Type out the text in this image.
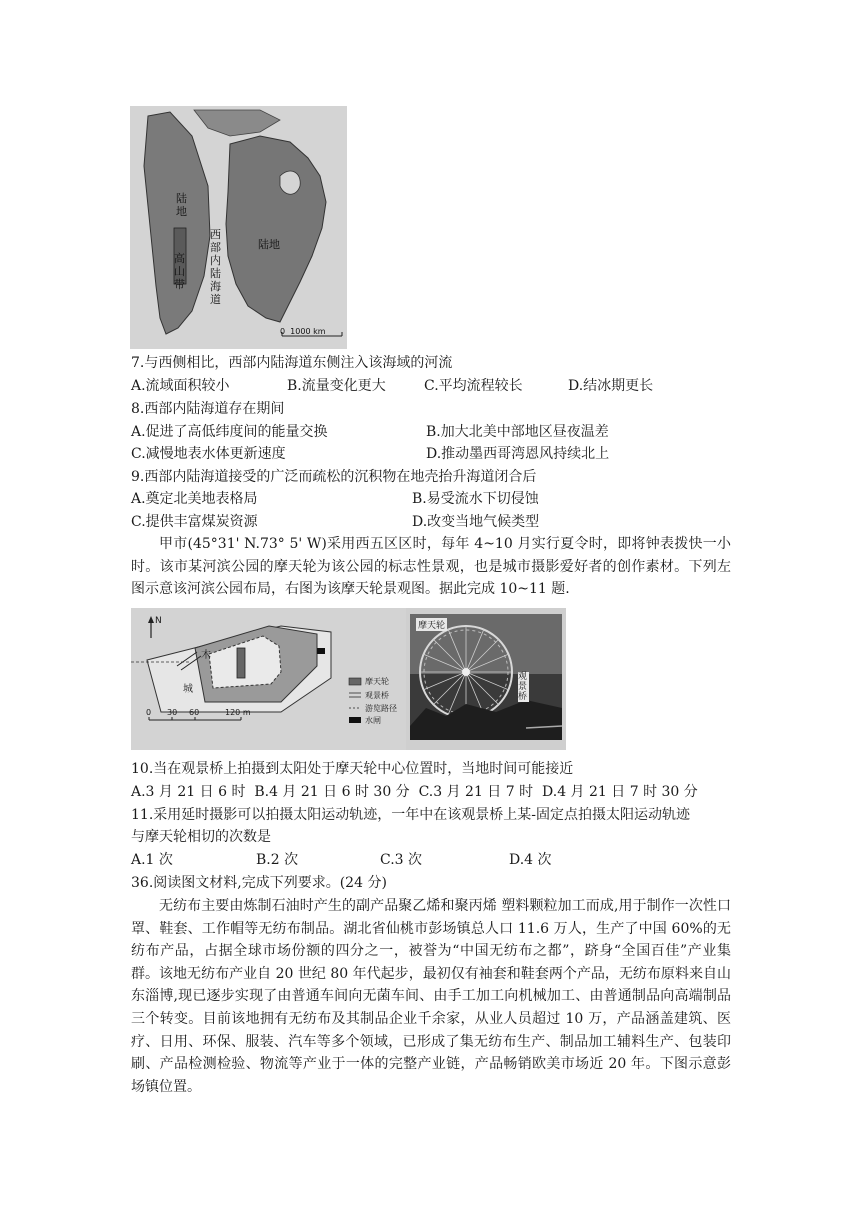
陆地
高山带
西部内陆海道
陆地
0  1000 km
7.与西侧相比，西部内陆海道东侧注入该海域的河流
A.流域面积较小	B.流量变化更大	C.平均流程较长	D.结冰期更长
8.西部内陆海道存在期间
A.促进了高低纬度间的能量交换	B.加大北美中部地区昼夜温差
C.减慢地表水体更新速度	D.推动墨西哥湾恩风持续北上
9.西部内陆海道接受的广泛而疏松的沉积物在地壳抬升海道闭合后
A.奠定北美地表格局	B.易受流水下切侵蚀
C.提供丰富煤炭资源	D.改变当地气候类型
甲市(45°31' N.73° 5' W)采用西五区区时，每年 4~10 月实行夏令时，即将钟表拨快一小时。该市某河滨公园的摩天轮为该公园的标志性景观，也是城市摄影爱好者的创作素材。下列左图示意该河滨公园布局，右图为该摩天轮景观图。据此完成 10~11 题.
N
木
城
0 30 60	120 m
摩天轮
观景桥
游览路径
水闸
摩天轮
观景桥
10.当在观景桥上拍摄到太阳处于摩天轮中心位置时，当地时间可能接近
A.3 月 21 日 6 时  B.4 月 21 日 6 时 30 分  C.3 月 21 日 7 时  D.4 月 21 日 7 时 30 分
11.采用延时摄影可以拍摄太阳运动轨迹，一年中在该观景桥上某-固定点拍摄太阳运动轨迹
与摩天轮相切的次数是
A.1 次	B.2 次	C.3 次	D.4 次
36.阅读图文材料,完成下列要求。(24 分)
无纺布主要由炼制石油时产生的副产品聚乙烯和聚丙烯 塑料颗粒加工而成,用于制作一次性口罩、鞋套、工作帽等无纺布制品。湖北省仙桃市彭场镇总人口 11.6 万人，生产了中国 60%的无纺布产品，占据全球市场份额的四分之一，被誉为“中国无纺布之都”，跻身“全国百佳”产业集群。该地无纺布产业自 20 世纪 80 年代起步，最初仅有袖套和鞋套两个产品，无纺布原料来自山东淄博,现已逐步实现了由普通车间向无菌车间、由手工加工向机械加工、由普通制品向高端制品三个转变。目前该地拥有无纺布及其制品企业千余家，从业人员超过 10 万，产品涵盖建筑、医疗、日用、环保、服装、汽车等多个领域，已形成了集无纺布生产、制品加工辅料生产、包装印刷、产品检测检验、物流等产业于一体的完整产业链，产品畅销欧美市场近 20 年。下图示意彭场镇位置。
